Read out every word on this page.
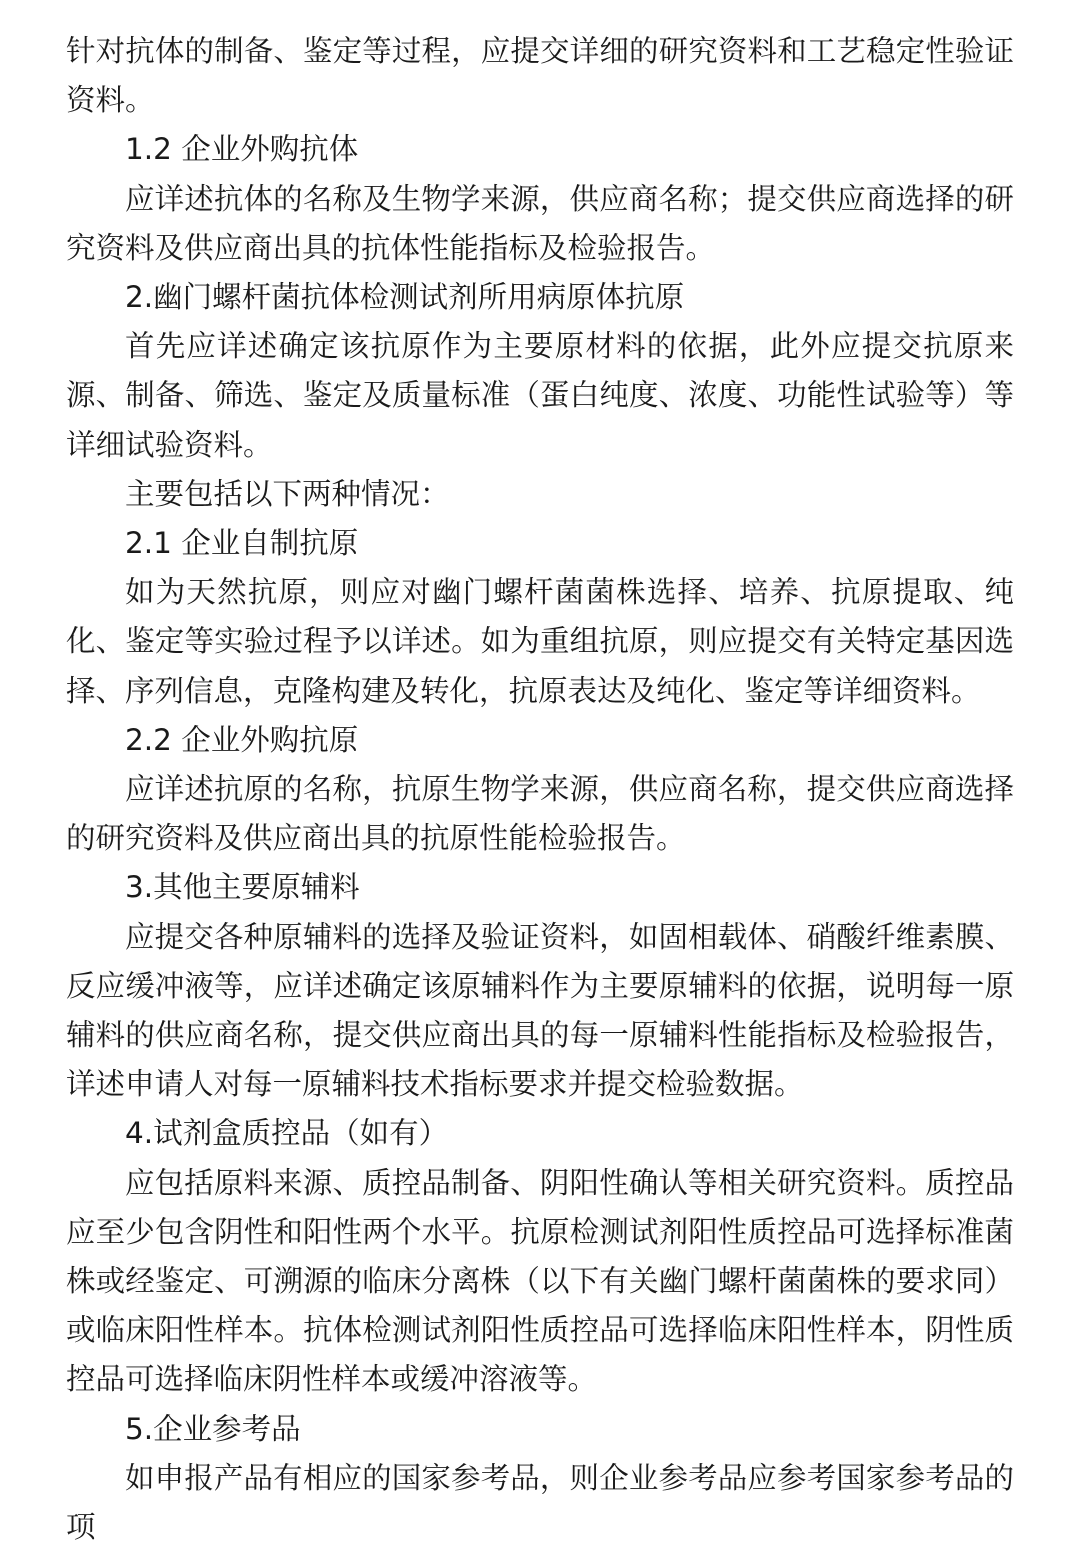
针对抗体的制备、鉴定等过程，应提交详细的研究资料和工艺稳定性验证资料。

1.2 企业外购抗体

应详述抗体的名称及生物学来源，供应商名称；提交供应商选择的研究资料及供应商出具的抗体性能指标及检验报告。

2.幽门螺杆菌抗体检测试剂所用病原体抗原

首先应详述确定该抗原作为主要原材料的依据，此外应提交抗原来源、制备、筛选、鉴定及质量标准（蛋白纯度、浓度、功能性试验等）等详细试验资料。

主要包括以下两种情况：

2.1 企业自制抗原

如为天然抗原，则应对幽门螺杆菌菌株选择、培养、抗原提取、纯化、鉴定等实验过程予以详述。如为重组抗原，则应提交有关特定基因选择、序列信息，克隆构建及转化，抗原表达及纯化、鉴定等详细资料。

2.2 企业外购抗原

应详述抗原的名称，抗原生物学来源，供应商名称，提交供应商选择的研究资料及供应商出具的抗原性能检验报告。

3.其他主要原辅料

应提交各种原辅料的选择及验证资料，如固相载体、硝酸纤维素膜、反应缓冲液等，应详述确定该原辅料作为主要原辅料的依据，说明每一原辅料的供应商名称，提交供应商出具的每一原辅料性能指标及检验报告，详述申请人对每一原辅料技术指标要求并提交检验数据。

4.试剂盒质控品（如有）

应包括原料来源、质控品制备、阴阳性确认等相关研究资料。质控品应至少包含阴性和阳性两个水平。抗原检测试剂阳性质控品可选择标准菌株或经鉴定、可溯源的临床分离株（以下有关幽门螺杆菌菌株的要求同）或临床阳性样本。抗体检测试剂阳性质控品可选择临床阳性样本，阴性质控品可选择临床阴性样本或缓冲溶液等。

5.企业参考品

如申报产品有相应的国家参考品，则企业参考品应参考国家参考品的项
